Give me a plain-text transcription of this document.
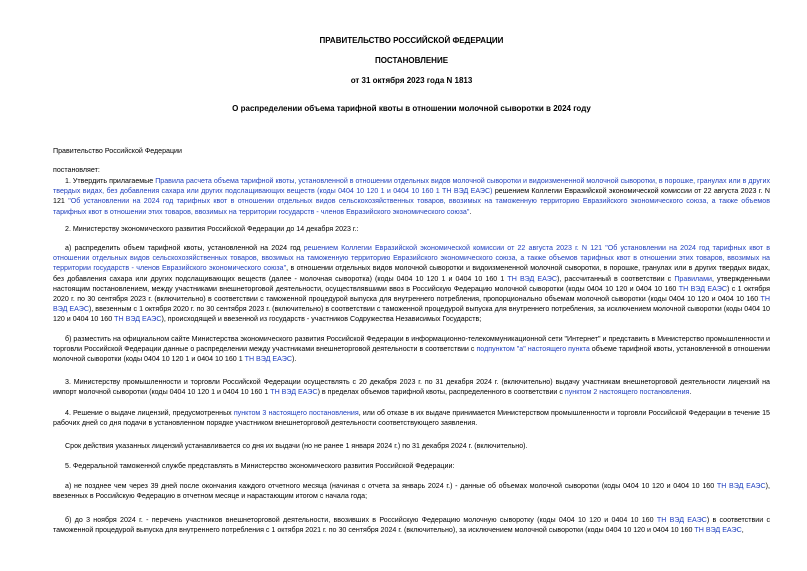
ПРАВИТЕЛЬСТВО РОССИЙСКОЙ ФЕДЕРАЦИИ
ПОСТАНОВЛЕНИЕ
от 31 октября 2023 года N 1813
О распределении объема тарифной квоты в отношении молочной сыворотки в 2024 году

Правительство Российской Федерации

постановляет:

1. Утвердить прилагаемые Правила расчета объема тарифной квоты, установленной в отношении отдельных видов молочной сыворотки и видоизмененной молочной сыворотки, в порошке, гранулах или в других твердых видах, без добавления сахара или других подслащивающих веществ (коды 0404 10 120 1 и 0404 10 160 1 ТН ВЭД ЕАЭС) решением Коллегии Евразийской экономической комиссии от 22 августа 2023 г. N 121 "Об установлении на 2024 год тарифных квот в отношении отдельных видов сельскохозяйственных товаров, ввозимых на таможенную территорию Евразийского экономического союза, а также объемов тарифных квот в отношении этих товаров, ввозимых на территории государств - членов Евразийского экономического союза".

2. Министерству экономического развития Российской Федерации до 14 декабря 2023 г.:

а) распределить объем тарифной квоты, установленной на 2024 год решением Коллегии Евразийской экономической комиссии от 22 августа 2023 г. N 121 "Об установлении на 2024 год тарифных квот в отношении отдельных видов сельскохозяйственных товаров, ввозимых на таможенную территорию Евразийского экономического союза, а также объемов тарифных квот в отношении этих товаров, ввозимых на территории государств - членов Евразийского экономического союза", в отношении отдельных видов молочной сыворотки и видоизмененной молочной сыворотки, в порошке, гранулах или в других твердых видах, без добавления сахара или других подслащивающих веществ (далее - молочная сыворотка) (коды 0404 10 120 1 и 0404 10 160 1 ТН ВЭД ЕАЭС), рассчитанный в соответствии с Правилами, утвержденными настоящим постановлением, между участниками внешнеторговой деятельности, осуществлявшими ввоз в Российскую Федерацию молочной сыворотки (коды 0404 10 120 и 0404 10 160 ТН ВЭД ЕАЭС) с 1 октября 2020 г. по 30 сентября 2023 г. (включительно) в соответствии с таможенной процедурой выпуска для внутреннего потребления, пропорционально объемам молочной сыворотки (коды 0404 10 120 и 0404 10 160 ТН ВЭД ЕАЭС), ввезенным с 1 октября 2020 г. по 30 сентября 2023 г. (включительно) в соответствии с таможенной процедурой выпуска для внутреннего потребления, за исключением молочной сыворотки (коды 0404 10 120 и 0404 10 160 ТН ВЭД ЕАЭС), происходящей и ввезенной из государств - участников Содружества Независимых Государств;

б) разместить на официальном сайте Министерства экономического развития Российской Федерации в информационно-телекоммуникационной сети "Интернет" и представить в Министерство промышленности и торговли Российской Федерации данные о распределении между участниками внешнеторговой деятельности в соответствии с подпунктом "а" настоящего пункта объеме тарифной квоты, установленной в отношении молочной сыворотки (коды 0404 10 120 1 и 0404 10 160 1 ТН ВЭД ЕАЭС).

3. Министерству промышленности и торговли Российской Федерации осуществлять с 20 декабря 2023 г. по 31 декабря 2024 г. (включительно) выдачу участникам внешнеторговой деятельности лицензий на импорт молочной сыворотки (коды 0404 10 120 1 и 0404 10 160 1 ТН ВЭД ЕАЭС) в пределах объемов тарифной квоты, распределенного в соответствии с пунктом 2 настоящего постановления.

4. Решение о выдаче лицензий, предусмотренных пунктом 3 настоящего постановления, или об отказе в их выдаче принимается Министерством промышленности и торговли Российской Федерации в течение 15 рабочих дней со дня подачи в установленном порядке участником внешнеторговой деятельности соответствующего заявления.

Срок действия указанных лицензий устанавливается со дня их выдачи (но не ранее 1 января 2024 г.) по 31 декабря 2024 г. (включительно).

5. Федеральной таможенной службе представлять в Министерство экономического развития Российской Федерации:

а) не позднее чем через 39 дней после окончания каждого отчетного месяца (начиная с отчета за январь 2024 г.) - данные об объемах молочной сыворотки (коды 0404 10 120 и 0404 10 160 ТН ВЭД ЕАЭС), ввезенных в Российскую Федерацию в отчетном месяце и нарастающим итогом с начала года;

б) до 3 ноября 2024 г. - перечень участников внешнеторговой деятельности, ввозивших в Российскую Федерацию молочную сыворотку (коды 0404 10 120 и 0404 10 160 ТН ВЭД ЕАЭС) в соответствии с таможенной процедурой выпуска для внутреннего потребления с 1 октября 2021 г. по 30 сентября 2024 г. (включительно), за исключением молочной сыворотки (коды 0404 10 120 и 0404 10 160 ТН ВЭД ЕАЭС,
